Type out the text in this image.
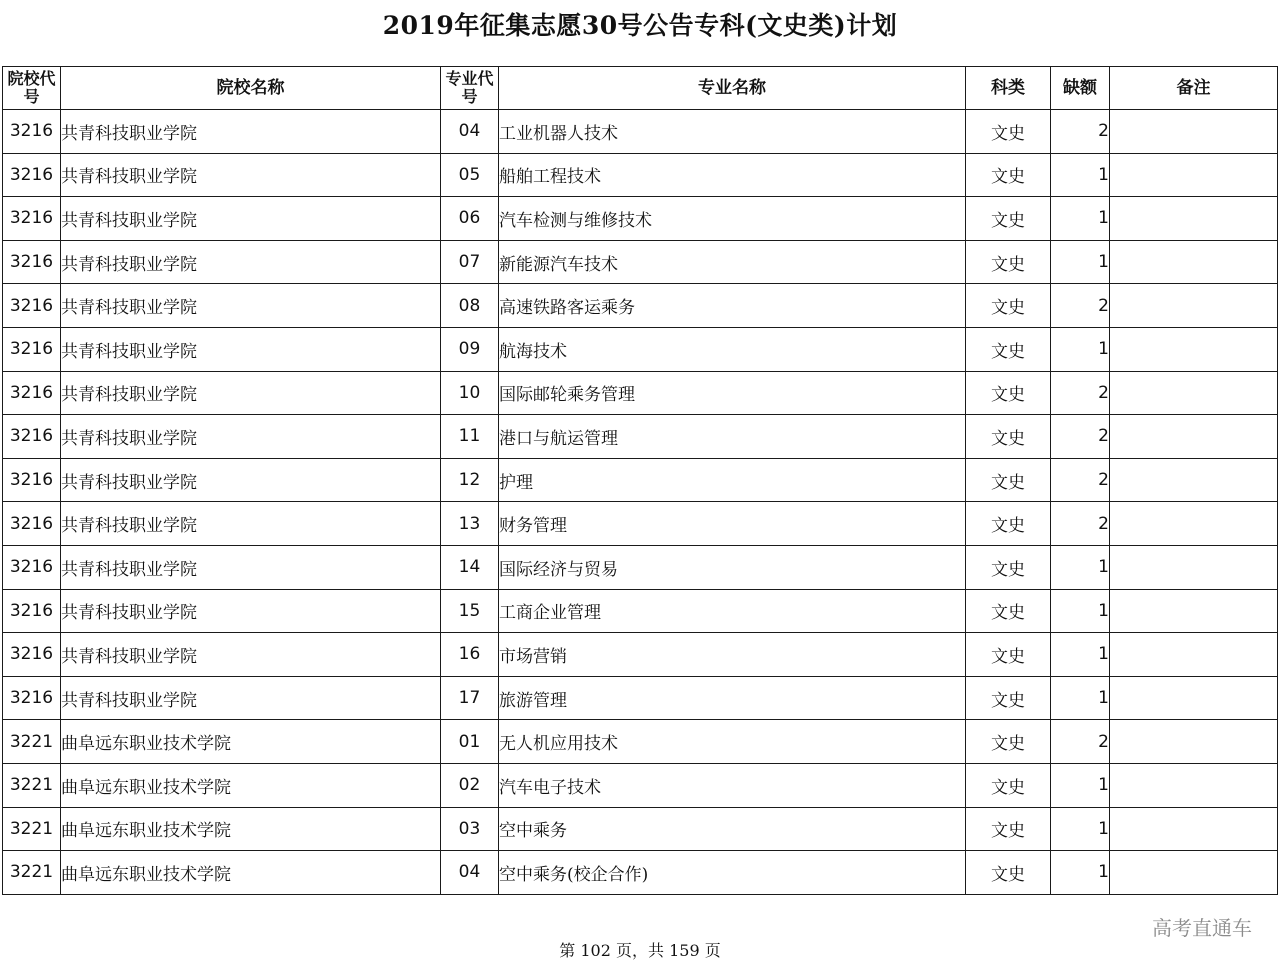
2019年征集志愿30号公告专科(文史类)计划
院校代号	院校名称	专业代号	专业名称	科类	缺额	备注
3216	共青科技职业学院	04	工业机器人技术	文史	2	
3216	共青科技职业学院	05	船舶工程技术	文史	1	
3216	共青科技职业学院	06	汽车检测与维修技术	文史	1	
3216	共青科技职业学院	07	新能源汽车技术	文史	1	
3216	共青科技职业学院	08	高速铁路客运乘务	文史	2	
3216	共青科技职业学院	09	航海技术	文史	1	
3216	共青科技职业学院	10	国际邮轮乘务管理	文史	2	
3216	共青科技职业学院	11	港口与航运管理	文史	2	
3216	共青科技职业学院	12	护理	文史	2	
3216	共青科技职业学院	13	财务管理	文史	2	
3216	共青科技职业学院	14	国际经济与贸易	文史	1	
3216	共青科技职业学院	15	工商企业管理	文史	1	
3216	共青科技职业学院	16	市场营销	文史	1	
3216	共青科技职业学院	17	旅游管理	文史	1	
3221	曲阜远东职业技术学院	01	无人机应用技术	文史	2	
3221	曲阜远东职业技术学院	02	汽车电子技术	文史	1	
3221	曲阜远东职业技术学院	03	空中乘务	文史	1	
3221	曲阜远东职业技术学院	04	空中乘务(校企合作)	文史	1	
高考直通车
第 102 页，共 159 页
